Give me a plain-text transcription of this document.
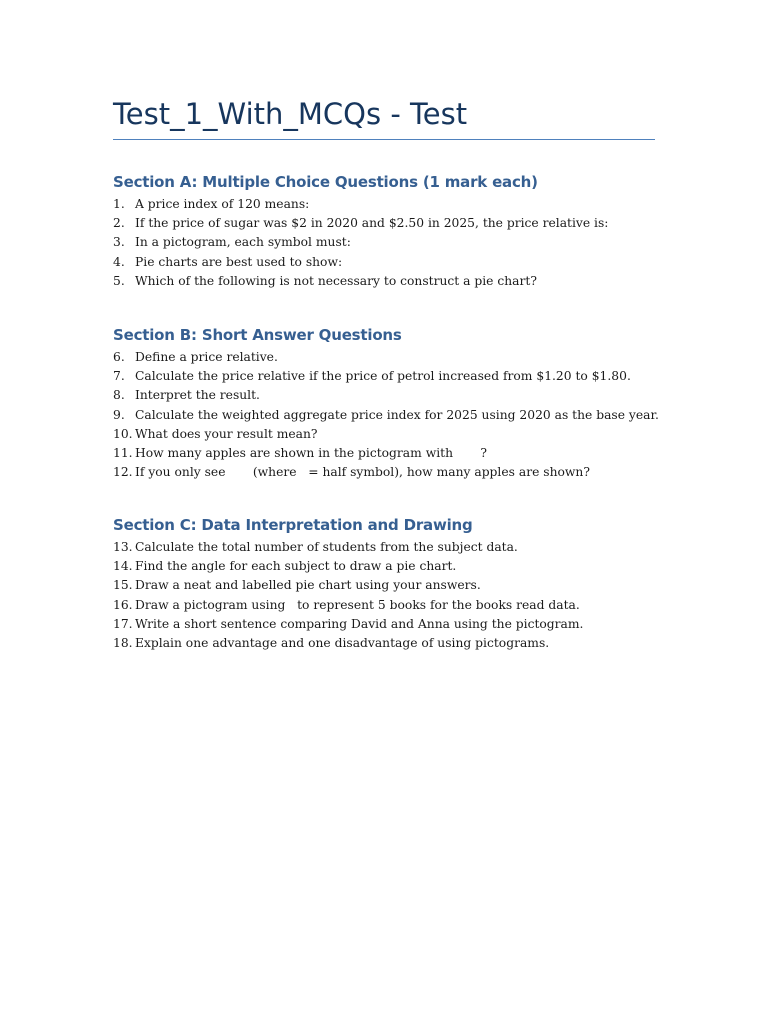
Test_1_With_MCQs - Test
Section A: Multiple Choice Questions (1 mark each)
1. A price index of 120 means:
2. If the price of sugar was $2 in 2020 and $2.50 in 2025, the price relative is:
3. In a pictogram, each symbol must:
4. Pie charts are best used to show:
5. Which of the following is not necessary to construct a pie chart?
Section B: Short Answer Questions
6. Define a price relative.
7. Calculate the price relative if the price of petrol increased from $1.20 to $1.80.
8. Interpret the result.
9. Calculate the weighted aggregate price index for 2025 using 2020 as the base year.
10. What does your result mean?
11. How many apples are shown in the pictogram with       ?
12. If you only see       (where   = half symbol), how many apples are shown?
Section C: Data Interpretation and Drawing
13. Calculate the total number of students from the subject data.
14. Find the angle for each subject to draw a pie chart.
15. Draw a neat and labelled pie chart using your answers.
16. Draw a pictogram using   to represent 5 books for the books read data.
17. Write a short sentence comparing David and Anna using the pictogram.
18. Explain one advantage and one disadvantage of using pictograms.
